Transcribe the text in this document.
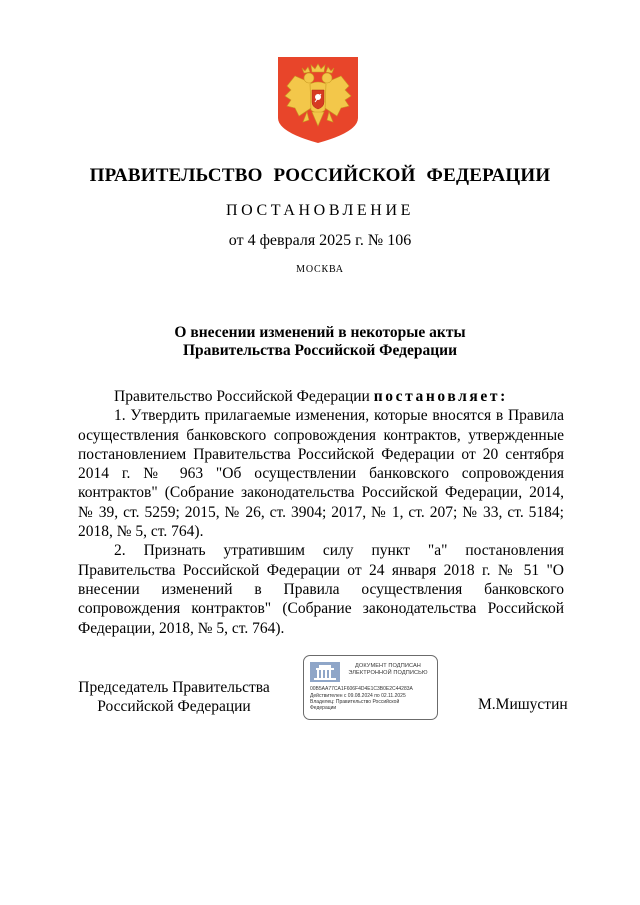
ПРАВИТЕЛЬСТВО РОССИЙСКОЙ ФЕДЕРАЦИИ
ПОСТАНОВЛЕНИЕ
от 4 февраля 2025 г. № 106
МОСКВА
О внесении изменений в некоторые акты
Правительства Российской Федерации

Правительство Российской Федерации постановляет:

1. Утвердить прилагаемые изменения, которые вносятся в Правила осуществления банковского сопровождения контрактов, утвержденные постановлением Правительства Российской Федерации от 20 сентября 2014 г. № 963 "Об осуществлении банковского сопровождения контрактов" (Собрание законодательства Российской Федерации, 2014, № 39, ст. 5259; 2015, № 26, ст. 3904; 2017, № 1, ст. 207; № 33, ст. 5184; 2018, № 5, ст. 764).

2. Признать утратившим силу пункт "а" постановления Правительства Российской Федерации от 24 января 2018 г. № 51 "О внесении изменений в Правила осуществления банковского сопровождения контрактов" (Собрание законодательства Российской Федерации, 2018, № 5, ст. 764).

Председатель Правительства
Российской Федерации
ДОКУМЕНТ ПОДПИСАН
ЭЛЕКТРОННОЙ ПОДПИСЬЮ
00B5AA77CA1F606F4D4E1C3B0E2C44283A
Действителен с 09.08.2024 по 02.11.2025
Владелец: Правительство Российской
Федерации	М.Мишустин
